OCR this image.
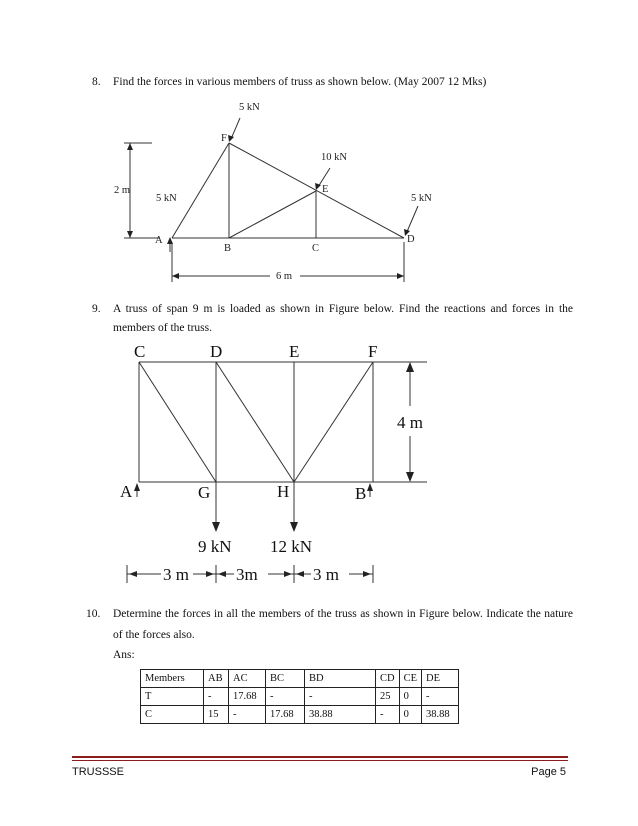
8. Find the forces in various members of truss as shown below. (May 2007 12 Mks)
F
E
A
B	C
D
5 kN
10 kN
5 kN
5 kN
2 m
6 m
C	D	E	F
A	G	H	B
4 m
9 kN 12 kN
3 m	3m	3 m
9. A truss of span 9 m is loaded as shown in Figure below. Find the reactions and forces in the
members of the truss.
10. Determine the forces in all the members of the truss as shown in Figure below. Indicate the nature
of the forces also.
Ans:
Members	AB	AC	BC	BD	CD	CE	DE
T	-	17.68	-	-	25	0	-
C	15	-	17.68	38.88	-	0	38.88
TRUSSSE	Page 5
